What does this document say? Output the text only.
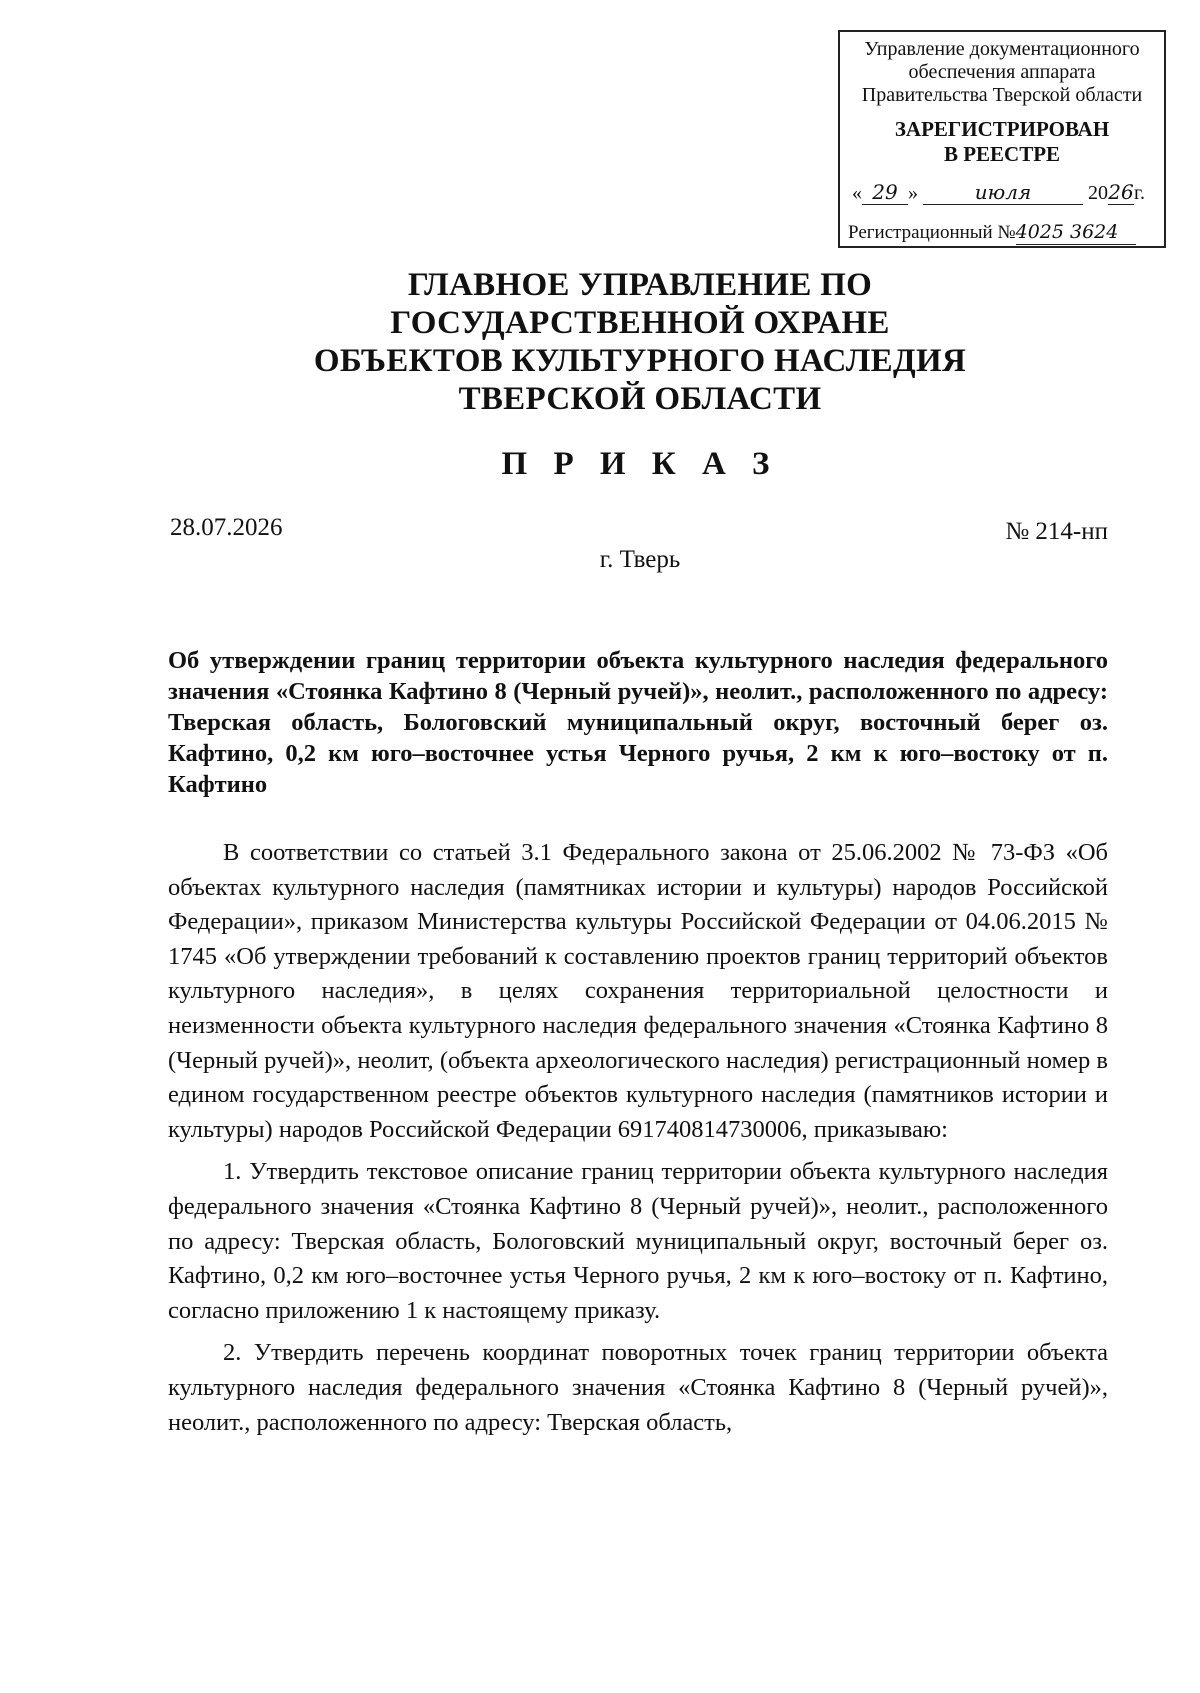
Управление документационного
обеспечения аппарата
Правительства Тверской области
ЗАРЕГИСТРИРОВАН
В РЕЕСТРЕ
« 29 »	июля	2026г.
Регистрационный №4025 3624
ГЛАВНОЕ УПРАВЛЕНИЕ ПО
ГОСУДАРСТВЕННОЙ ОХРАНЕ
ОБЪЕКТОВ КУЛЬТУРНОГО НАСЛЕДИЯ
ТВЕРСКОЙ ОБЛАСТИ
П Р И К А З
28.07.2026	№ 214-нп
г. Тверь

Об утверждении границ территории объекта культурного наследия федерального значения «Стоянка Кафтино 8 (Черный ручей)», неолит., расположенного по адресу: Тверская область, Бологовский муниципальный округ, восточный берег оз. Кафтино, 0,2 км юго–восточнее устья Черного ручья, 2 км к юго–востоку от п. Кафтино

В соответствии со статьей 3.1 Федерального закона от 25.06.2002 № 73-ФЗ «Об объектах культурного наследия (памятниках истории и культуры) народов Российской Федерации», приказом Министерства культуры Российской Федерации от 04.06.2015 № 1745 «Об утверждении требований к составлению проектов границ территорий объектов культурного наследия», в целях сохранения территориальной целостности и неизменности объекта культурного наследия федерального значения «Стоянка Кафтино 8 (Черный ручей)», неолит, (объекта археологического наследия) регистрационный номер в едином государственном реестре объектов культурного наследия (памятников истории и культуры) народов Российской Федерации 691740814730006, приказываю:

1. Утвердить текстовое описание границ территории объекта культурного наследия федерального значения «Стоянка Кафтино 8 (Черный ручей)», неолит., расположенного по адресу: Тверская область, Бологовский муниципальный округ, восточный берег оз. Кафтино, 0,2 км юго–восточнее устья Черного ручья, 2 км к юго–востоку от п. Кафтино, согласно приложению 1 к настоящему приказу.

2. Утвердить перечень координат поворотных точек границ территории объекта культурного наследия федерального значения «Стоянка Кафтино 8 (Черный ручей)», неолит., расположенного по адресу: Тверская область,
